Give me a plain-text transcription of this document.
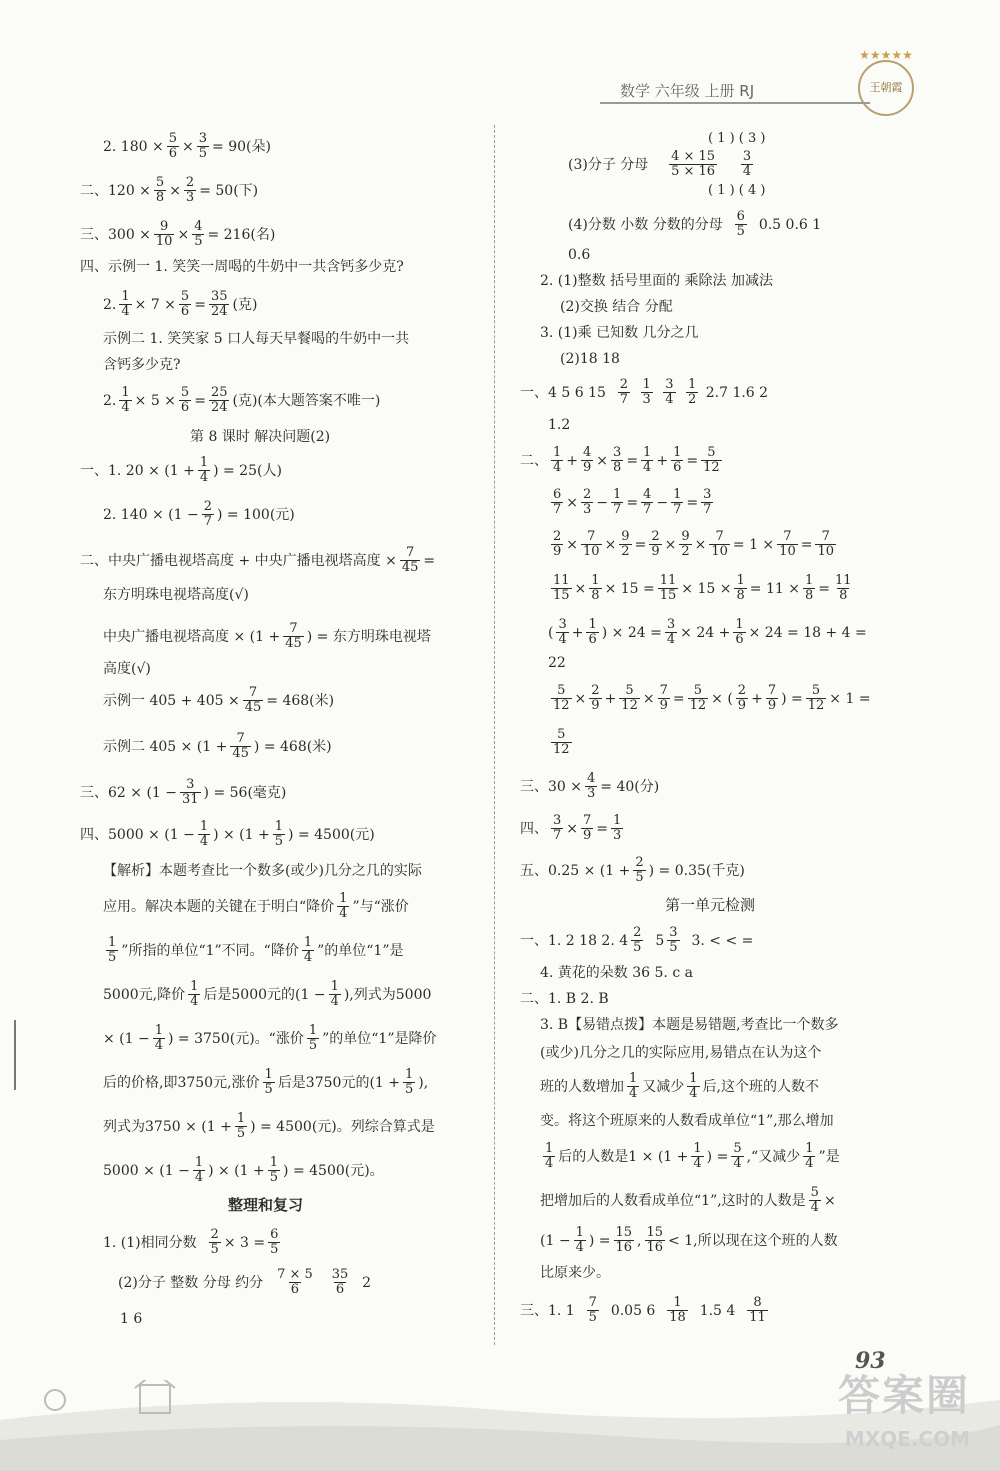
★★★★★
王朝霞
数学 六年级 上册 RJ
2. $180 \times \frac{5}{6} \times \frac{3}{5} = 90$(朵)
二、$120 \times \frac{5}{8} \times \frac{2}{3} = 50$(下)
三、$300 \times \frac{9}{10} \times \frac{4}{5} = 216$(名)
四、示例一 1. 笑笑一周喝的牛奶中一共含钙多少克?
2. $\frac{1}{4} \times 7 \times \frac{5}{6} = \frac{35}{24}$ (克)
示例二 1. 笑笑家 5 口人每天早餐喝的牛奶中一共
含钙多少克?
2. $\frac{1}{4} \times 5 \times \frac{5}{6} = \frac{25}{24}$ (克)(本大题答案不唯一)
第 8 课时 解决问题(2)
一、1. $20 \times (1 + \frac{1}{4}$ ) = 25(人)
2. $140 \times (1 - \frac{2}{7}$ ) = 100(元)
二、中央广播电视塔高度 + 中央广播电视塔高度 × $\frac{7}{45}$ =
东方明珠电视塔高度(√)
中央广播电视塔高度 × ($1 + \frac{7}{45}$ ) = 东方明珠电视塔
高度(√)
示例一 $405 + 405 \times \frac{7}{45} = 468$(米)
示例二 $405 \times (1 + \frac{7}{45}$ ) = 468(米)
三、$62 \times (1 - \frac{3}{31}$ ) = 56(毫克)
四、$5000 \times (1 - \frac{1}{4}$ ) × ($1 + \frac{1}{5}$ ) = 4500(元)
【解析】本题考查比一个数多(或少)几分之几的实际
应用。解决本题的关键在于明白“降价 $\frac{1}{4}$ ”与“涨价
$\frac{1}{5}$ ”所指的单位“1”不同。“降价 $\frac{1}{4}$ ”的单位“1”是
5000元,降价 $\frac{1}{4}$ 后是5000元的($1 - \frac{1}{4}$ ),列式为5000
× ($1 - \frac{1}{4}$ ) = 3750(元)。“涨价 $\frac{1}{5}$ ”的单位“1”是降价
后的价格,即3750元,涨价 $\frac{1}{5}$ 后是3750元的($1 + \frac{1}{5}$ ),
列式为$3750 \times (1 + \frac{1}{5}$ ) = 4500(元)。列综合算式是
$5000 \times (1 - \frac{1}{4}$ ) × ($1 + \frac{1}{5}$ ) = 4500(元)。
整理和复习
1. (1)相同分数
$\frac{2}{5} \times 3 = \frac{6}{5}$
(2)分子 整数 分母 约分
$\frac{7 \times 5}{6}$
$\frac{35}{6}$
2
1 6
( 1 ) ( 3 )
(3)分子 分母
$\frac{4 \times 15}{5 \times 16}$
$\frac{3}{4}$
( 1 ) ( 4 )
(4)分数 小数 分数的分母
$\frac{6}{5}$
0.5 0.6 1
0.6
2. (1)整数 括号里面的 乘除法 加减法
(2)交换 结合 分配
3. (1)乘 已知数 几分之几
(2)18 18
一、4 5 6 15
$\frac{2}{7}$
$\frac{1}{3}$
$\frac{3}{4}$
$\frac{1}{2}$
2.7 1.6 2
1.2
二、 $\frac{1}{4} + \frac{4}{9} \times \frac{3}{8} = \frac{1}{4} + \frac{1}{6} = \frac{5}{12}$
$\frac{6}{7} \times \frac{2}{3} - \frac{1}{7} = \frac{4}{7} - \frac{1}{7} = \frac{3}{7}$
$\frac{2}{9} \times \frac{7}{10} \times \frac{9}{2} = \frac{2}{9} \times \frac{9}{2} \times \frac{7}{10} = 1 \times \frac{7}{10} = \frac{7}{10}$
$\frac{11}{15} \times \frac{1}{8} \times 15 = \frac{11}{15} \times 15 \times \frac{1}{8} = 11 \times \frac{1}{8} = \frac{11}{8}$
( $\frac{3}{4} + \frac{1}{6}$ ) × $24 = \frac{3}{4} \times 24 + \frac{1}{6} \times 24 = 18 + 4$ =
22
$\frac{5}{12} \times \frac{2}{9} + \frac{5}{12} \times \frac{7}{9} = \frac{5}{12}$ × ( $\frac{2}{9} + \frac{7}{9}$ ) = $\frac{5}{12} \times 1$ =
$\frac{5}{12}$
三、$30 \times \frac{4}{3} = 40$(分)
四、 $\frac{3}{7} \times \frac{7}{9} = \frac{1}{3}$
五、$0.25 \times (1 + \frac{2}{5}$ ) = 0.35(千克)
第一单元检测
一、1. 2 18 2. $4 \frac{2}{5}$
$5 \frac{3}{5}$
3. < < =
4. 黄花的朵数 36 5. c a
二、1. B 2. B
3. B【易错点拨】本题是易错题,考查比一个数多
(或少)几分之几的实际应用,易错点在认为这个
班的人数增加 $\frac{1}{4}$ 又减少 $\frac{1}{4}$ 后,这个班的人数不
变。将这个班原来的人数看成单位“1”,那么增加
$\frac{1}{4}$ 后的人数是$1 \times (1 + \frac{1}{4}$ ) = $\frac{5}{4}$ ,“又减少 $\frac{1}{4}$ ”是
把增加后的人数看成单位“1”,这时的人数是 $\frac{5}{4}$ ×
($1 - \frac{1}{4}$ ) = $\frac{15}{16}$ , $\frac{15}{16} < 1$,所以现在这个班的人数
比原来少。
三、1. 1
$\frac{7}{5}$
0.05 6
$\frac{1}{18}$
1.5 4
$\frac{8}{11}$
93
答案圈
MXQE.COM
